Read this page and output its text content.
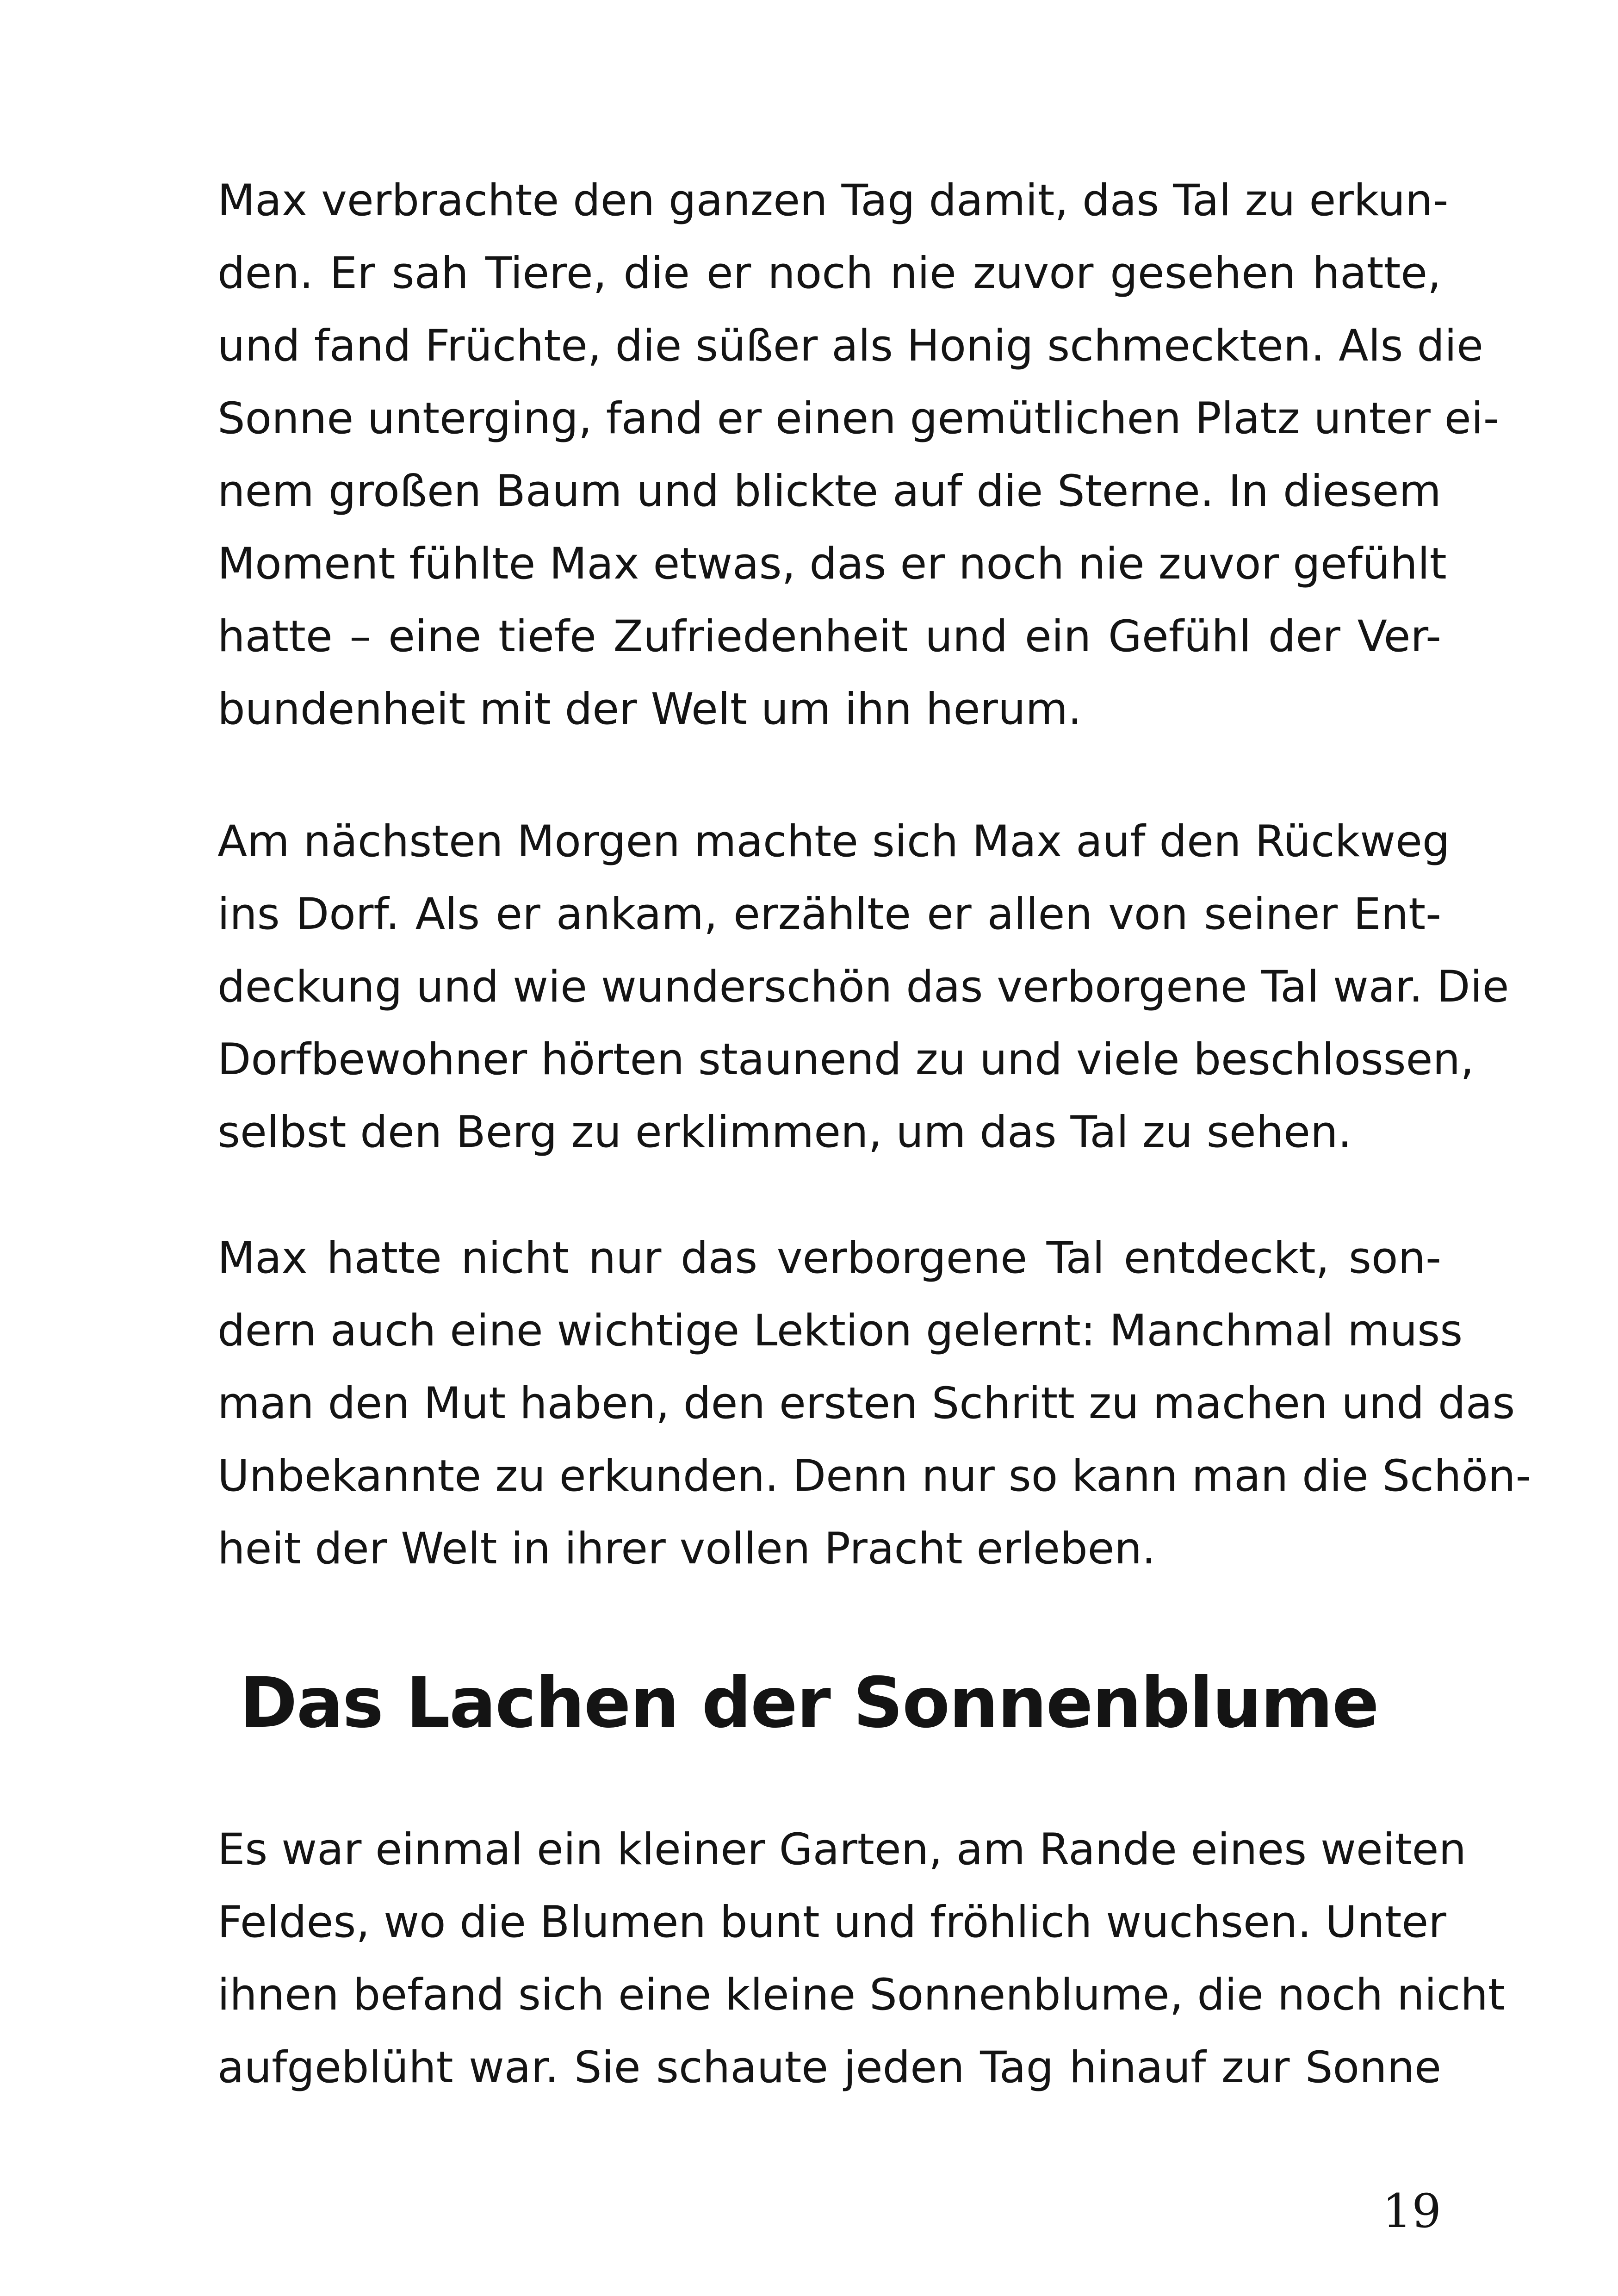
Max verbrachte den ganzen Tag damit, das Tal zu erkun-
den. Er sah Tiere, die er noch nie zuvor gesehen hatte,
und fand Früchte, die süßer als Honig schmeckten. Als die
Sonne unterging, fand er einen gemütlichen Platz unter ei-
nem großen Baum und blickte auf die Sterne. In diesem
Moment fühlte Max etwas, das er noch nie zuvor gefühlt
hatte – eine tiefe Zufriedenheit und ein Gefühl der Ver-
bundenheit mit der Welt um ihn herum.
Am nächsten Morgen machte sich Max auf den Rückweg
ins Dorf. Als er ankam, erzählte er allen von seiner Ent-
deckung und wie wunderschön das verborgene Tal war. Die
Dorfbewohner hörten staunend zu und viele beschlossen,
selbst den Berg zu erklimmen, um das Tal zu sehen.
Max hatte nicht nur das verborgene Tal entdeckt, son-
dern auch eine wichtige Lektion gelernt: Manchmal muss
man den Mut haben, den ersten Schritt zu machen und das
Unbekannte zu erkunden. Denn nur so kann man die Schön-
heit der Welt in ihrer vollen Pracht erleben.
Das Lachen der Sonnenblume
Es war einmal ein kleiner Garten, am Rande eines weiten
Feldes, wo die Blumen bunt und fröhlich wuchsen. Unter
ihnen befand sich eine kleine Sonnenblume, die noch nicht
aufgeblüht war. Sie schaute jeden Tag hinauf zur Sonne
19
